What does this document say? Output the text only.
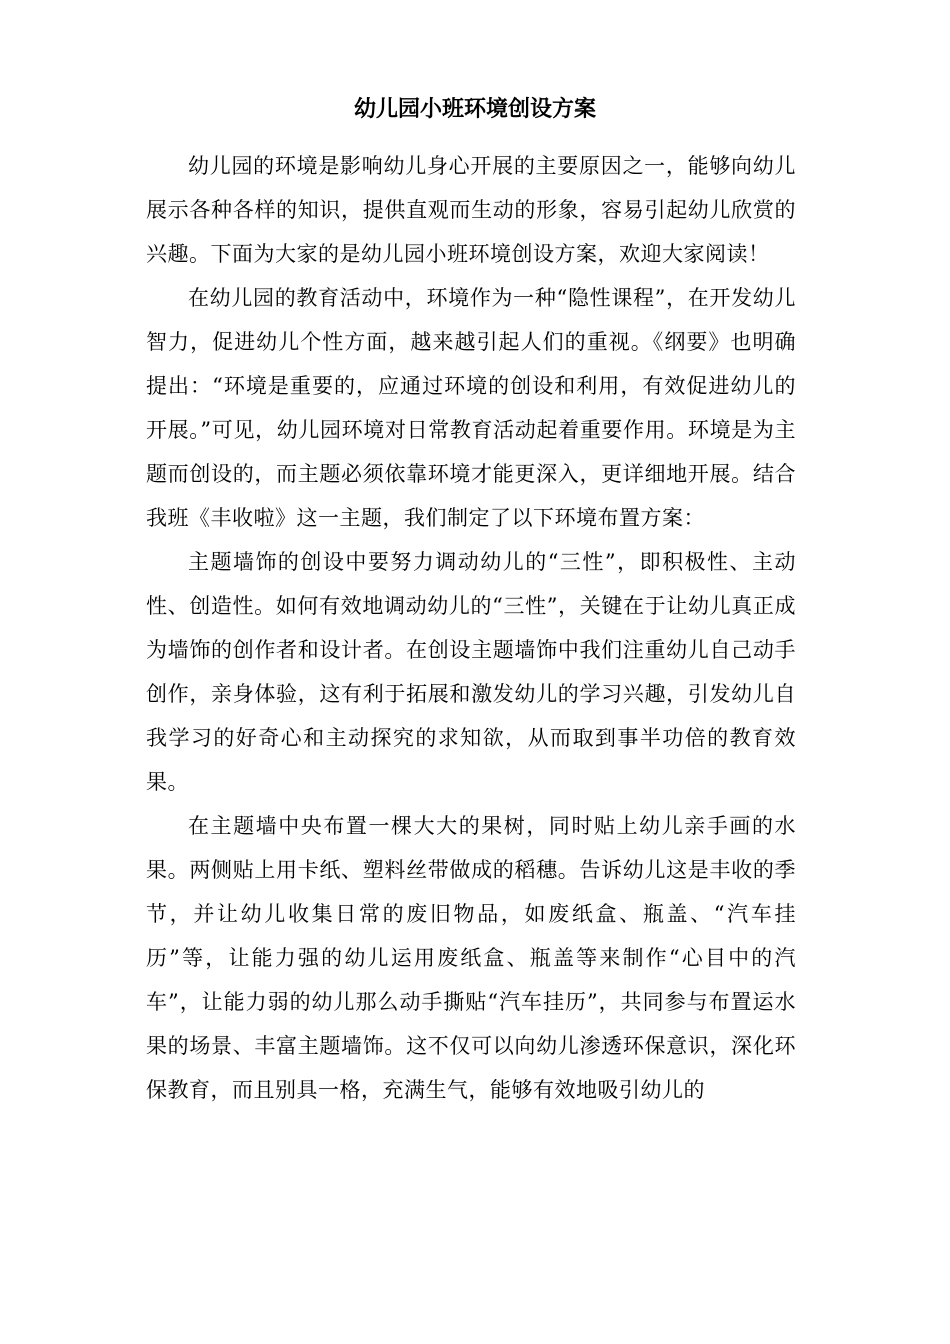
幼儿园小班环境创设方案

幼儿园的环境是影响幼儿身心开展的主要原因之一，能够向幼儿展示各种各样的知识，提供直观而生动的形象，容易引起幼儿欣赏的兴趣。下面为大家的是幼儿园小班环境创设方案，欢迎大家阅读！

在幼儿园的教育活动中，环境作为一种“隐性课程”，在开发幼儿智力，促进幼儿个性方面，越来越引起人们的重视。《纲要》也明确提出：“环境是重要的，应通过环境的创设和利用，有效促进幼儿的开展。”可见，幼儿园环境对日常教育活动起着重要作用。环境是为主题而创设的，而主题必须依靠环境才能更深入，更详细地开展。结合我班《丰收啦》这一主题，我们制定了以下环境布置方案：

主题墙饰的创设中要努力调动幼儿的“三性”，即积极性、主动性、创造性。如何有效地调动幼儿的“三性”，关键在于让幼儿真正成为墙饰的创作者和设计者。在创设主题墙饰中我们注重幼儿自己动手创作，亲身体验，这有利于拓展和激发幼儿的学习兴趣，引发幼儿自我学习的好奇心和主动探究的求知欲，从而取到事半功倍的教育效果。

在主题墙中央布置一棵大大的果树，同时贴上幼儿亲手画的水果。两侧贴上用卡纸、塑料丝带做成的稻穗。告诉幼儿这是丰收的季节，并让幼儿收集日常的废旧物品，如废纸盒、瓶盖、“汽车挂历”等，让能力强的幼儿运用废纸盒、瓶盖等来制作“心目中的汽车”，让能力弱的幼儿那么动手撕贴“汽车挂历”，共同参与布置运水果的场景、丰富主题墙饰。这不仅可以向幼儿渗透环保意识，深化环保教育，而且别具一格，充满生气，能够有效地吸引幼儿的
